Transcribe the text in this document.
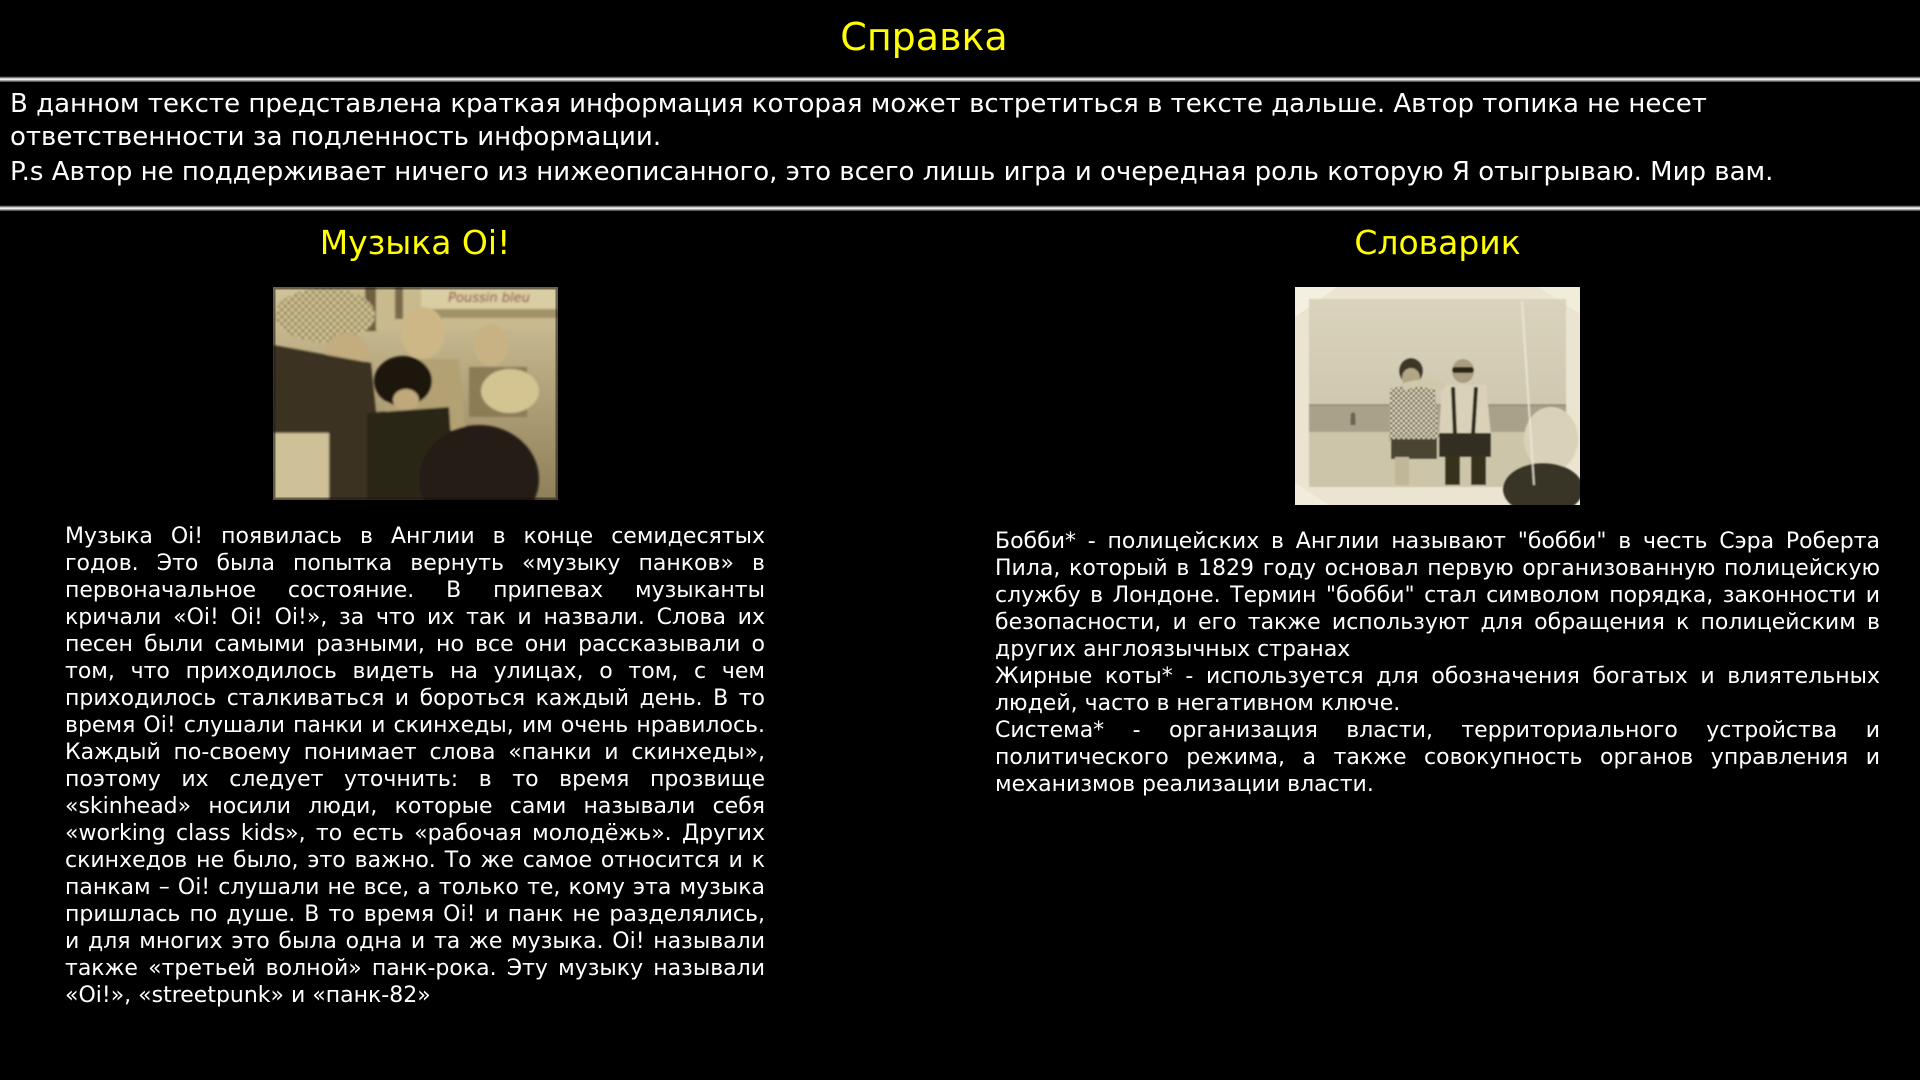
Справка

В данном тексте представлена краткая информация которая может встретиться в тексте дальше. Автор топика не несет ответственности за подленность информации.

P.s Автор не поддерживает ничего из нижеописанного, это всего лишь игра и очередная роль которую Я отыгрываю. Мир вам.

Музыка Oi!
Poussin bleu

Музыка Oi! появилась в Англии в конце семидесятых годов. Это была попытка вернуть «музыку панков» в первоначальное состояние. В припевах музыканты кричали «Oi! Oi! Oi!», за что их так и назвали. Слова их песен были самыми разными, но все они рассказывали о том, что приходилось видеть на улицах, о том, с чем приходилось сталкиваться и бороться каждый день. В то время Oi! слушали панки и скинхеды, им очень нравилось. Каждый по-своему понимает слова «панки и скинхеды», поэтому их следует уточнить: в то время прозвище «skinhead» носили люди, которые сами называли себя «working class kids», то есть «рабочая молодёжь». Других скинхедов не было, это важно. То же самое относится и к панкам – Oi! слушали не все, а только те, кому эта музыка пришлась по душе. В то время Oi! и панк не разделялись, и для многих это была одна и та же музыка. Oi! называли также «третьей волной» панк-рока. Эту музыку называли «Oi!», «streetpunk» и «панк-82»

Словарик

Бобби* - полицейских в Англии называют "бобби" в честь Сэра Роберта Пила, который в 1829 году основал первую организованную полицейскую службу в Лондоне. Термин "бобби" стал символом порядка, законности и безопасности, и его также используют для обращения к полицейским в других англоязычных странах

Жирные коты* - используется для обозначения богатых и влиятельных людей, часто в негативном ключе.

Система* - организация власти, территориального устройства и политического режима, а также совокупность органов управления и механизмов реализации власти.
